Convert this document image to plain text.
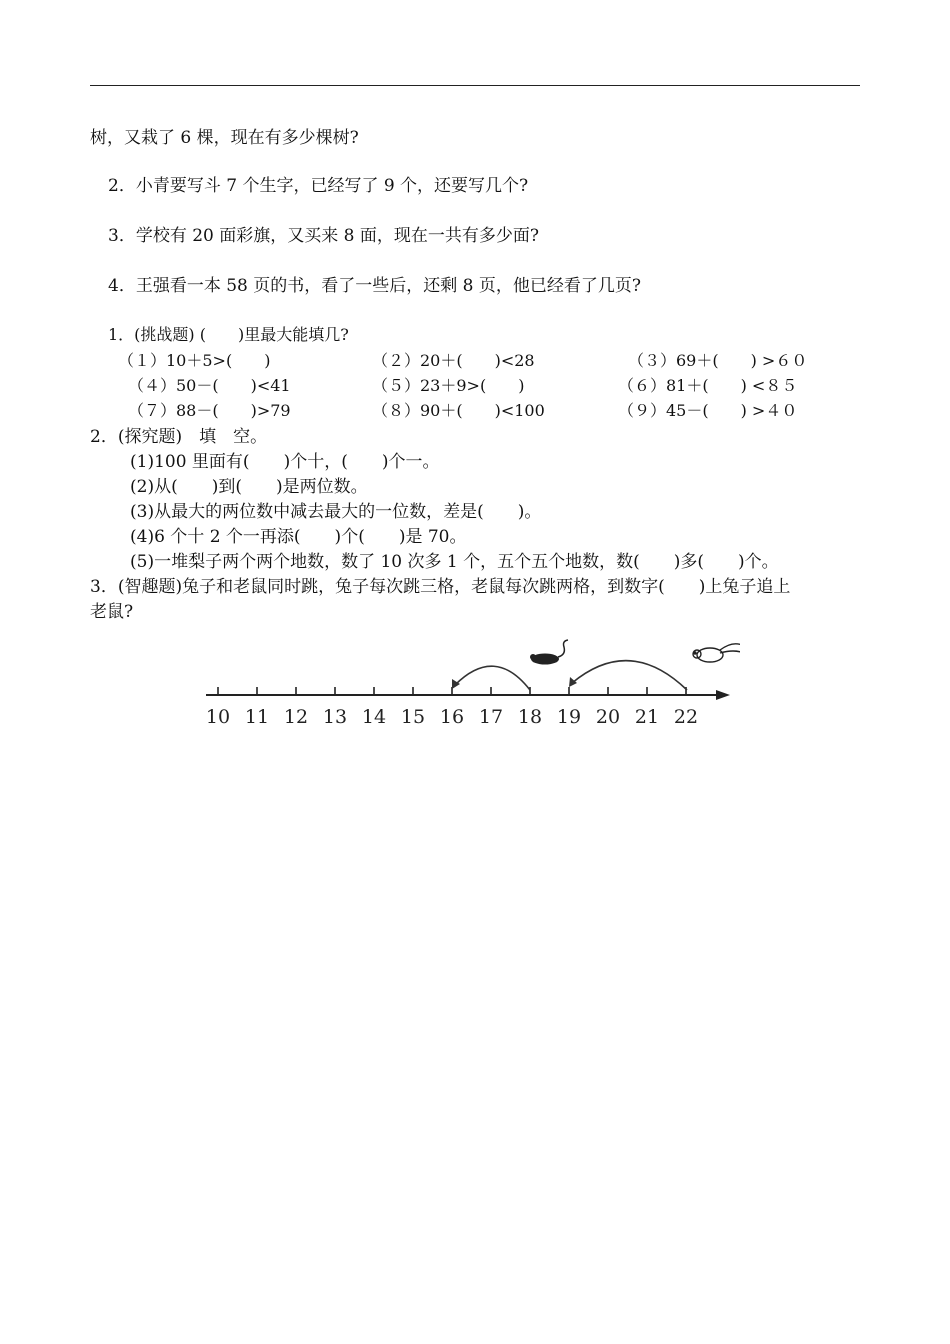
树，又栽了 6 棵，现在有多少棵树?
2．小青要写斗 7 个生字，已经写了 9 个，还要写几个?
3．学校有 20 面彩旗，又买来 8 面，现在一共有多少面?
4．王强看一本 58 页的书，看了一些后，还剩 8 页，他已经看了几页?
1．(挑战题) (　　)里最大能填几?
（１）10＋5>(　　)	（２）20＋(　　)<28	（３）69＋(　　) >６０
（４）50－(　　)<41	（５）23＋9>(　　)	（６）81＋(　　) <８５
（７）88－(　　)>79	（８）90＋(　　)<100	（９）45－(　　) >４０
2．(探究题)　填　空。
(1)100 里面有(　　)个十，(　　)个一。
(2)从(　　)到(　　)是两位数。
(3)从最大的两位数中减去最大的一位数，差是(　　)。
(4)6 个十 2 个一再添(　　)个(　　)是 70。
(5)一堆梨子两个两个地数，数了 10 次多 1 个，五个五个地数，数(　　)多(　　)个。
3．(智趣题)兔子和老鼠同时跳，兔子每次跳三格，老鼠每次跳两格，到数字(　　)上兔子追上
老鼠?
10 11 12 13 14 15 16 17 18 19 20 21 22
